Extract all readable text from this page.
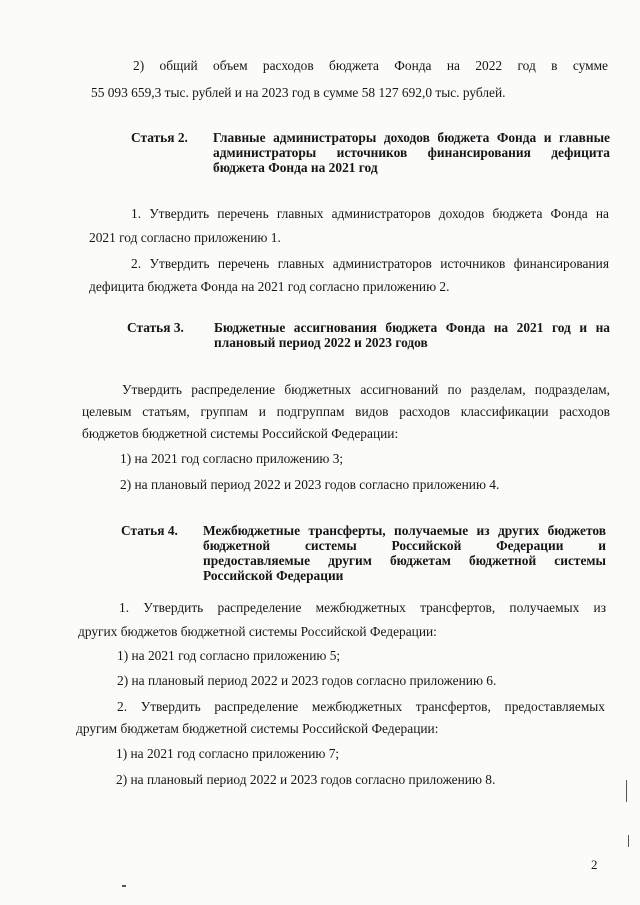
2) общий объем расходов бюджета Фонда на 2022 год в сумме

55 093 659,3 тыс. рублей и на 2023 год в сумме 58 127 692,0 тыс. рублей.

Статья 2. Главные администраторы доходов бюджета Фонда и главные
администраторы источников финансирования дефицита
бюджета Фонда на 2021 год

1. Утвердить перечень главных администраторов доходов бюджета Фонда на

2021 год согласно приложению 1.

2. Утвердить перечень главных администраторов источников финансирования

дефицита бюджета Фонда на 2021 год согласно приложению 2.

Статья 3. Бюджетные ассигнования бюджета Фонда на 2021 год и на
плановый период 2022 и 2023 годов

Утвердить распределение бюджетных ассигнований по разделам, подразделам,

целевым статьям, группам и подгруппам видов расходов классификации расходов

бюджетов бюджетной системы Российской Федерации:

1) на 2021 год согласно приложению 3;

2) на плановый период 2022 и 2023 годов согласно приложению 4.

Статья 4. Межбюджетные трансферты, получаемые из других бюджетов
бюджетной системы Российской Федерации и
предоставляемые другим бюджетам бюджетной системы
Российской Федерации

1. Утвердить распределение межбюджетных трансфертов, получаемых из

других бюджетов бюджетной системы Российской Федерации:

1) на 2021 год согласно приложению 5;

2) на плановый период 2022 и 2023 годов согласно приложению 6.

2. Утвердить распределение межбюджетных трансфертов, предоставляемых

другим бюджетам бюджетной системы Российской Федерации:

1) на 2021 год согласно приложению 7;

2) на плановый период 2022 и 2023 годов согласно приложению 8.

2
